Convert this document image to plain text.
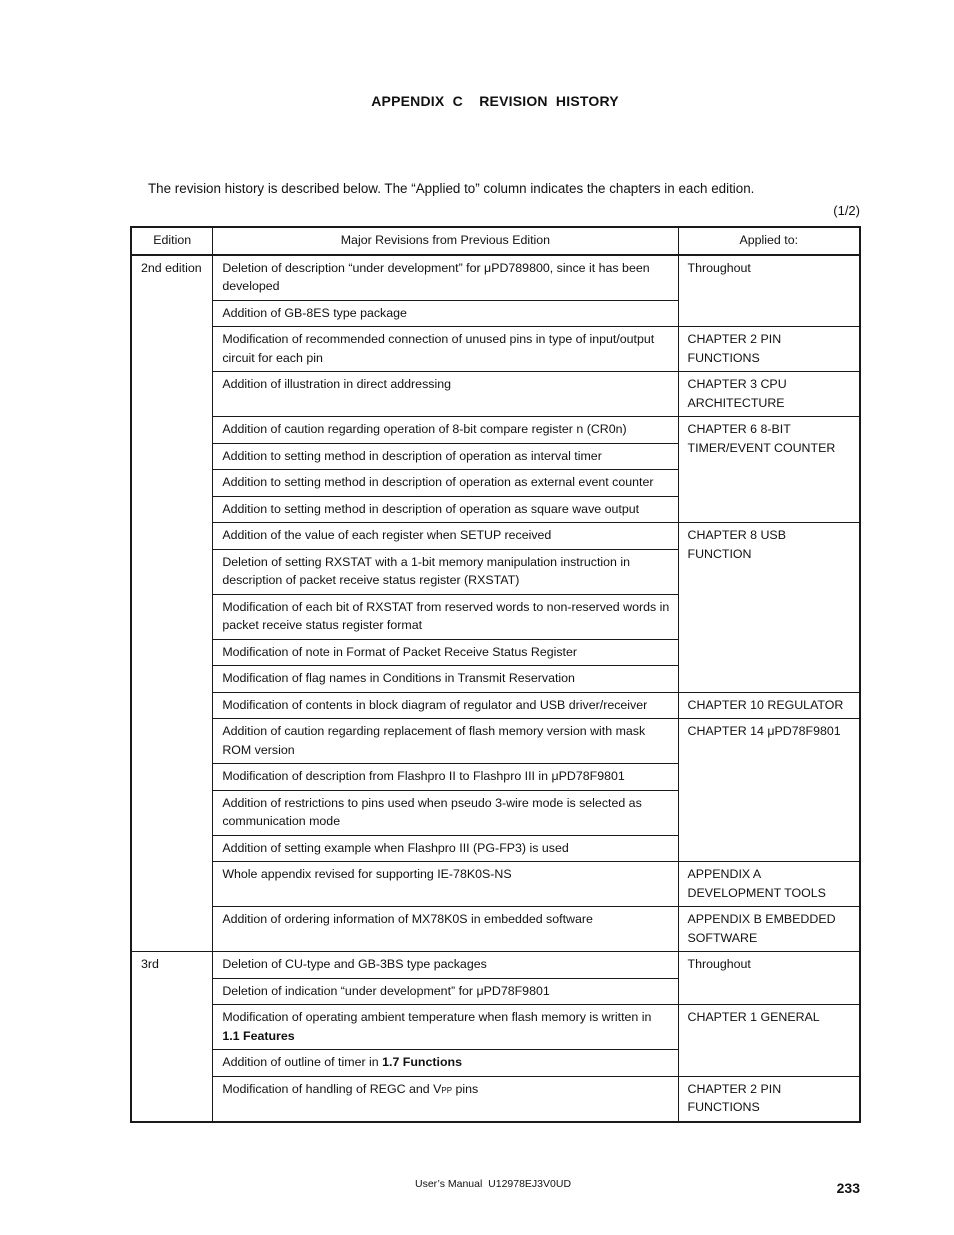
APPENDIX  C    REVISION  HISTORY
The revision history is described below. The “Applied to” column indicates the chapters in each edition.
(1/2)
Edition	Major Revisions from Previous Edition	Applied to:
2nd edition	Deletion of description “under development” for μPD789800, since it has been developed	Throughout
	Addition of GB-8ES type package	
	Modification of recommended connection of unused pins in type of input/output circuit for each pin	CHAPTER 2 PIN FUNCTIONS
	Addition of illustration in direct addressing	CHAPTER 3 CPU ARCHITECTURE
	Addition of caution regarding operation of 8-bit compare register n (CR0n)	CHAPTER 6 8-BIT TIMER/EVENT COUNTER
	Addition to setting method in description of operation as interval timer	
	Addition to setting method in description of operation as external event counter	
	Addition to setting method in description of operation as square wave output	
	Addition of the value of each register when SETUP received	CHAPTER 8 USB FUNCTION
	Deletion of setting RXSTAT with a 1-bit memory manipulation instruction in description of packet receive status register (RXSTAT)	
	Modification of each bit of RXSTAT from reserved words to non-reserved words in packet receive status register format	
	Modification of note in Format of Packet Receive Status Register	
	Modification of flag names in Conditions in Transmit Reservation	
	Modification of contents in block diagram of regulator and USB driver/receiver	CHAPTER 10 REGULATOR
	Addition of caution regarding replacement of flash memory version with mask ROM version	CHAPTER 14 μPD78F9801
	Modification of description from Flashpro II to Flashpro III in μPD78F9801	
	Addition of restrictions to pins used when pseudo 3-wire mode is selected as communication mode	
	Addition of setting example when Flashpro III (PG-FP3) is used	
	Whole appendix revised for supporting IE-78K0S-NS	APPENDIX A DEVELOPMENT TOOLS
	Addition of ordering information of MX78K0S in embedded software	APPENDIX B EMBEDDED SOFTWARE
3rd	Deletion of CU-type and GB-3BS type packages	Throughout
	Deletion of indication “under development” for μPD78F9801	
	Modification of operating ambient temperature when flash memory is written in 1.1 Features	CHAPTER 1 GENERAL
	Addition of outline of timer in 1.7 Functions	
	Modification of handling of REGC and VPP pins	CHAPTER 2 PIN FUNCTIONS
User’s Manual  U12978EJ3V0UD	233
